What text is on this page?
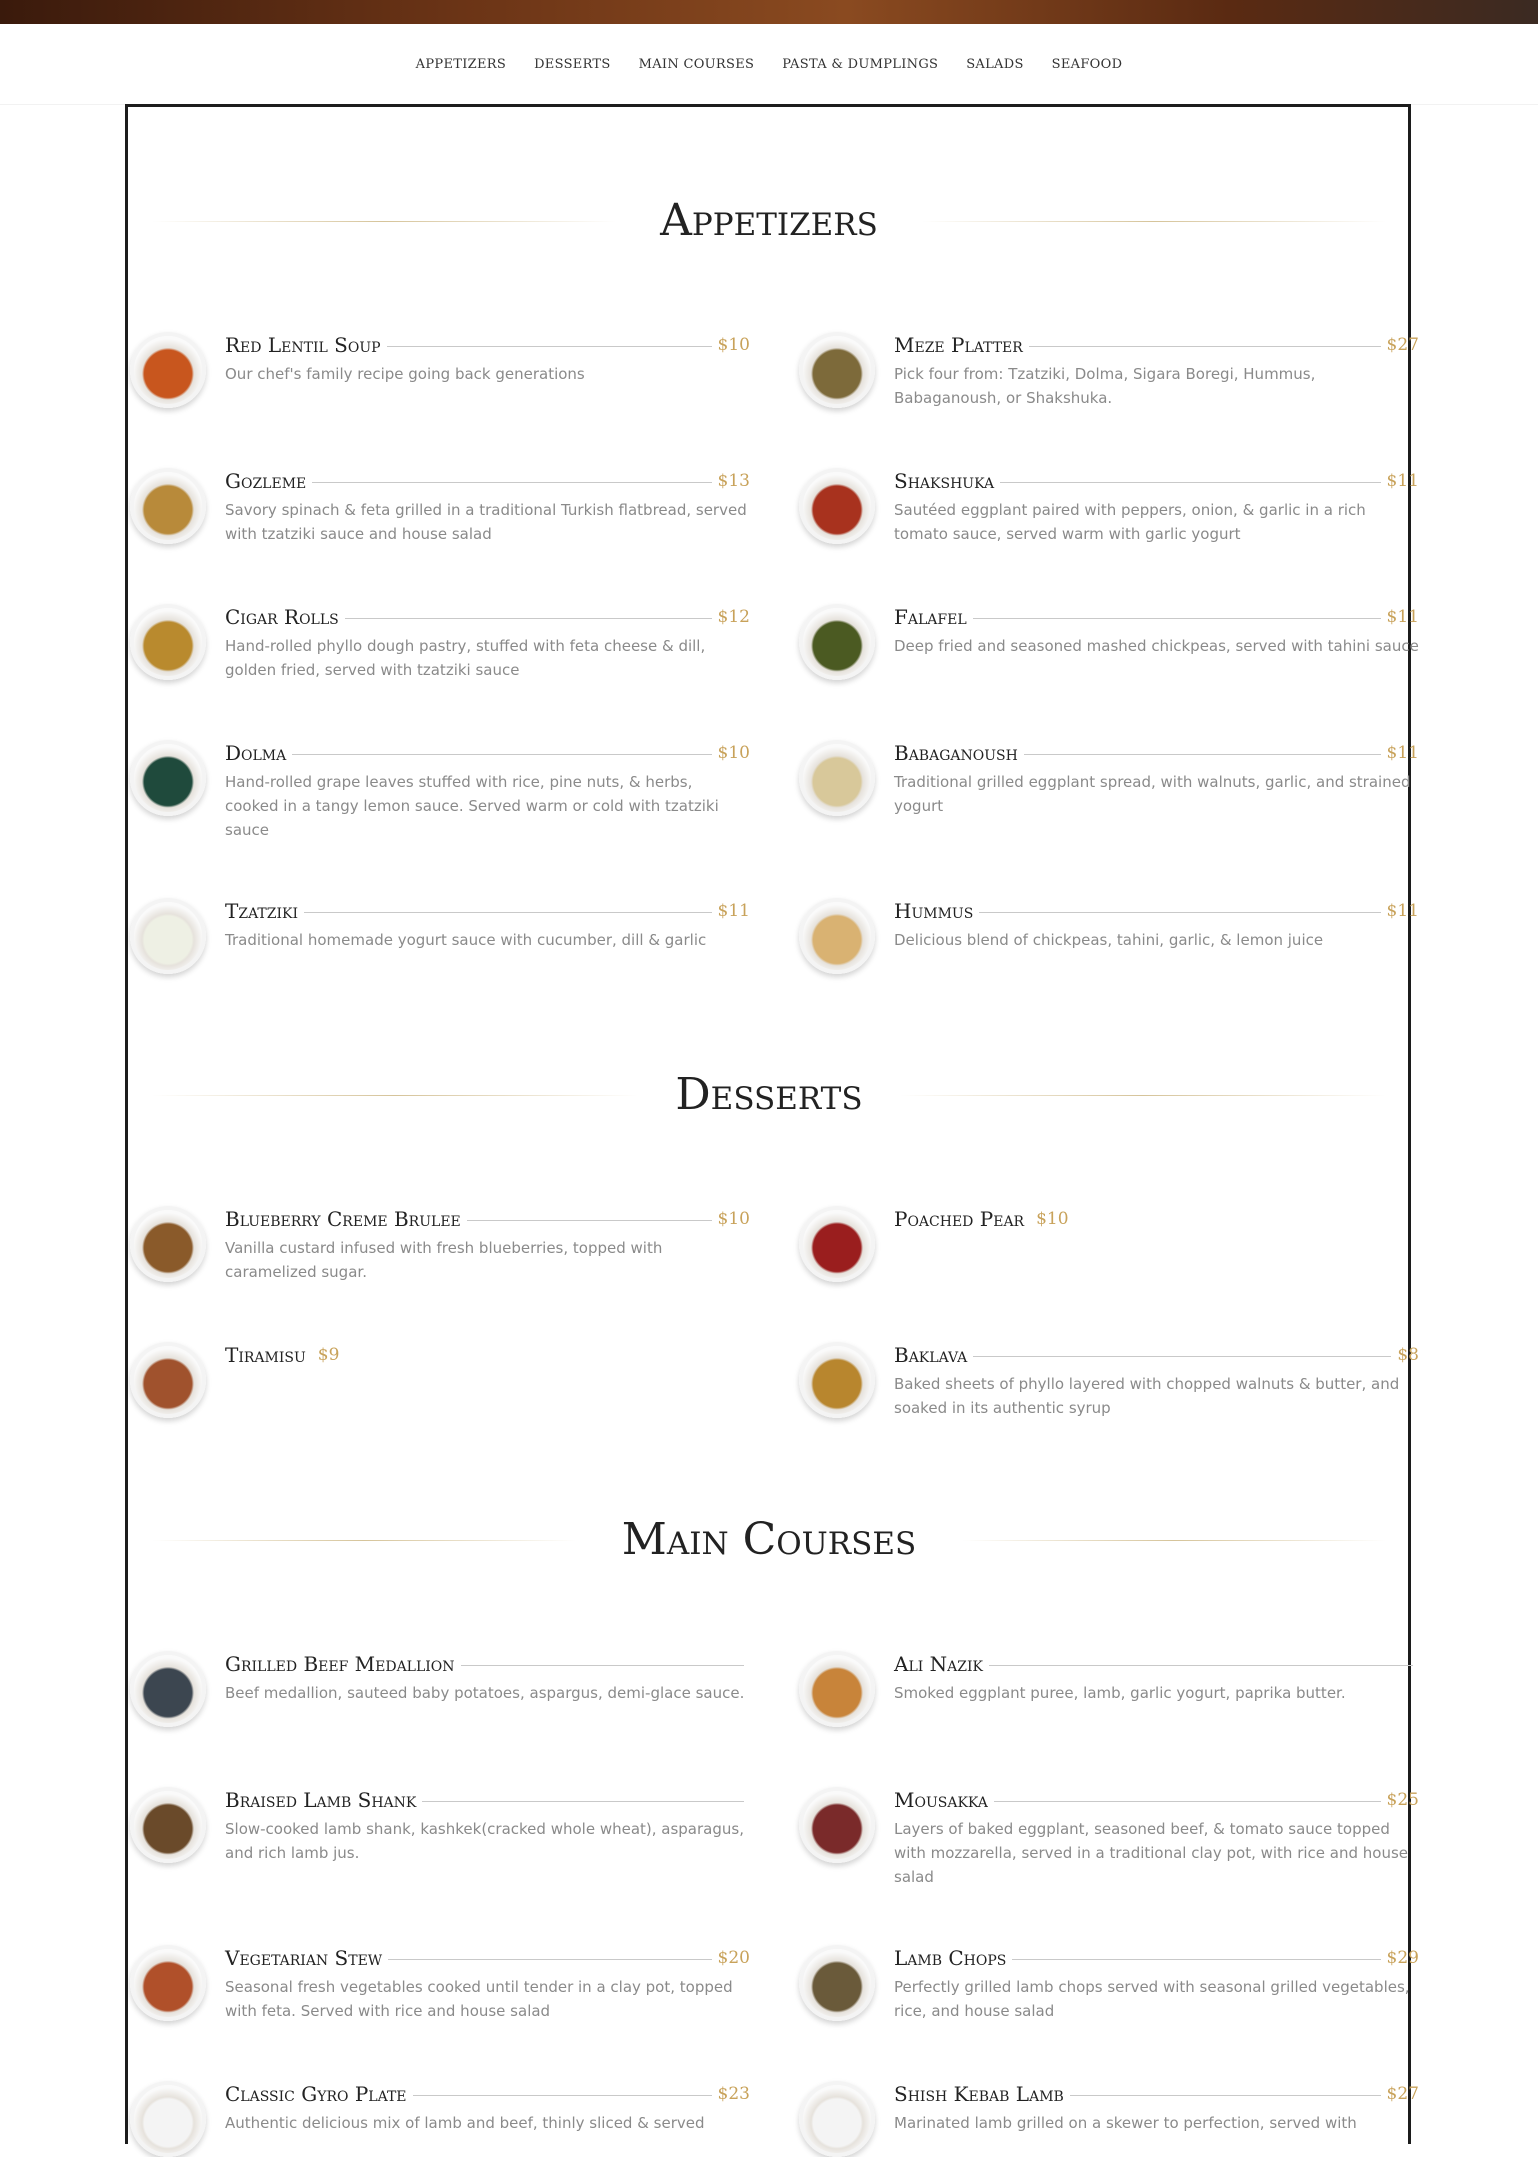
APPETIZERS DESSERTS MAIN COURSES PASTA & DUMPLINGS SALADS SEAFOOD
Appetizers
Red Lentil Soup	$10
Our chef's family recipe going back generations
Meze Platter	$27
Pick four from: Tzatziki, Dolma, Sigara Boregi, Hummus, Babaganoush, or Shakshuka.
Gozleme	$13
Savory spinach & feta grilled in a traditional Turkish flatbread, served with tzatziki sauce and house salad
Shakshuka	$11
Sautéed eggplant paired with peppers, onion, & garlic in a rich tomato sauce, served warm with garlic yogurt
Cigar Rolls	$12
Hand-rolled phyllo dough pastry, stuffed with feta cheese & dill, golden fried, served with tzatziki sauce
Falafel	$11
Deep fried and seasoned mashed chickpeas, served with tahini sauce
Dolma	$10
Hand-rolled grape leaves stuffed with rice, pine nuts, & herbs, cooked in a tangy lemon sauce. Served warm or cold with tzatziki sauce
Babaganoush	$11
Traditional grilled eggplant spread, with walnuts, garlic, and strained yogurt
Tzatziki	$11
Traditional homemade yogurt sauce with cucumber, dill & garlic
Hummus	$11
Delicious blend of chickpeas, tahini, garlic, & lemon juice
Desserts
Blueberry Creme Brulee	$10
Vanilla custard infused with fresh blueberries, topped with caramelized sugar.
Poached Pear $10
Tiramisu $9	Baklava	$8
Baked sheets of phyllo layered with chopped walnuts & butter, and soaked in its authentic syrup
Main Courses
Grilled Beef Medallion
Beef medallion, sauteed baby potatoes, aspargus, demi-glace sauce.
Ali Nazik
Smoked eggplant puree, lamb, garlic yogurt, paprika butter.
Braised Lamb Shank
Slow-cooked lamb shank, kashkek(cracked whole wheat), asparagus, and rich lamb jus.
Mousakka	$25
Layers of baked eggplant, seasoned beef, & tomato sauce topped with mozzarella, served in a traditional clay pot, with rice and house salad
Vegetarian Stew	$20
Seasonal fresh vegetables cooked until tender in a clay pot, topped with feta. Served with rice and house salad
Lamb Chops	$29
Perfectly grilled lamb chops served with seasonal grilled vegetables, rice, and house salad
Classic Gyro Plate	$23
Authentic delicious mix of lamb and beef, thinly sliced & served
Shish Kebab Lamb	$27
Marinated lamb grilled on a skewer to perfection, served with
